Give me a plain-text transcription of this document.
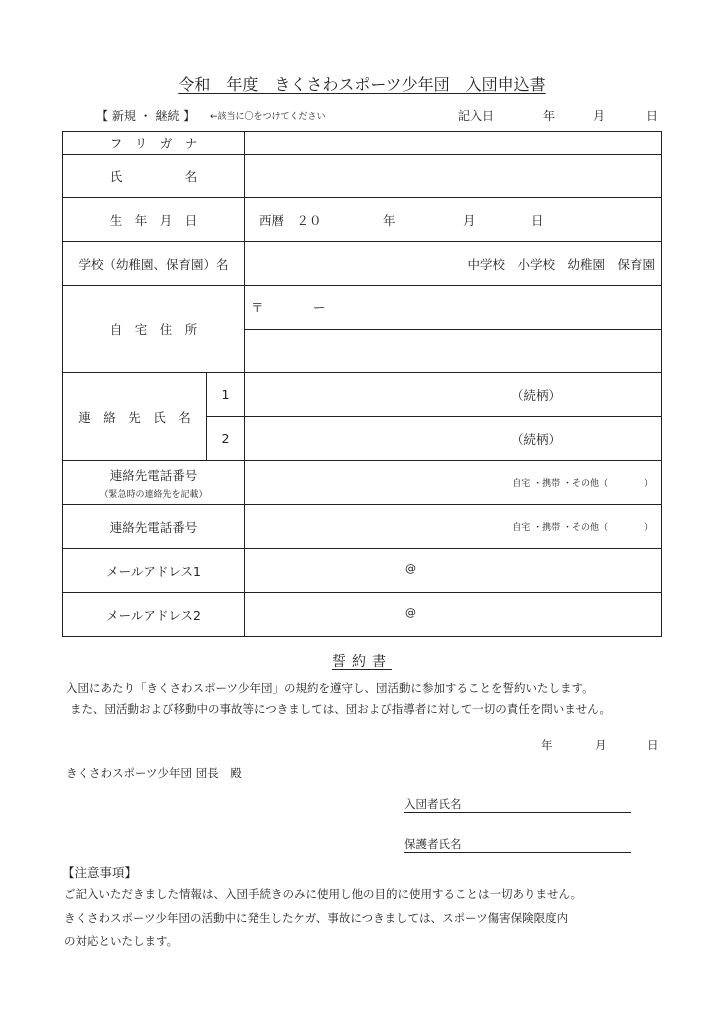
令和　年度　きくさわスポーツ少年団　入団申込書
【 新規 ・ 継続 】 ←該当に〇をつけてください	記入日	年	月	日
フ　リ　ガ　ナ		
氏　　　　　名		
生　年　月　日		西暦　２０ 年 月 日

学校（幼稚園、保育園）名		中学校　小学校　幼稚園　保育園

自　宅　住　所		〒 ー

連　絡　先　氏　名	1	（続柄）

	2	（続柄）

連絡先電話番号
（緊急時の連絡先を記載）		自宅 ・携帯 ・その他（　　　　）

連絡先電話番号		自宅 ・携帯 ・その他（　　　　）

メールアドレス1		@

メールアドレス2		@
誓約書
入団にあたり「きくさわスポーツ少年団」の規約を遵守し、団活動に参加することを誓約いたします。
また、団活動および移動中の事故等につきましては、団および指導者に対して一切の責任を問いません。
年	月	日
きくさわスポーツ少年団 団長　殿
入団者氏名
保護者氏名
【注意事項】
ご記入いただきました情報は、入団手続きのみに使用し他の目的に使用することは一切ありません。
きくさわスポーツ少年団の活動中に発生したケガ、事故につきましては、スポーツ傷害保険限度内
の対応といたします。
